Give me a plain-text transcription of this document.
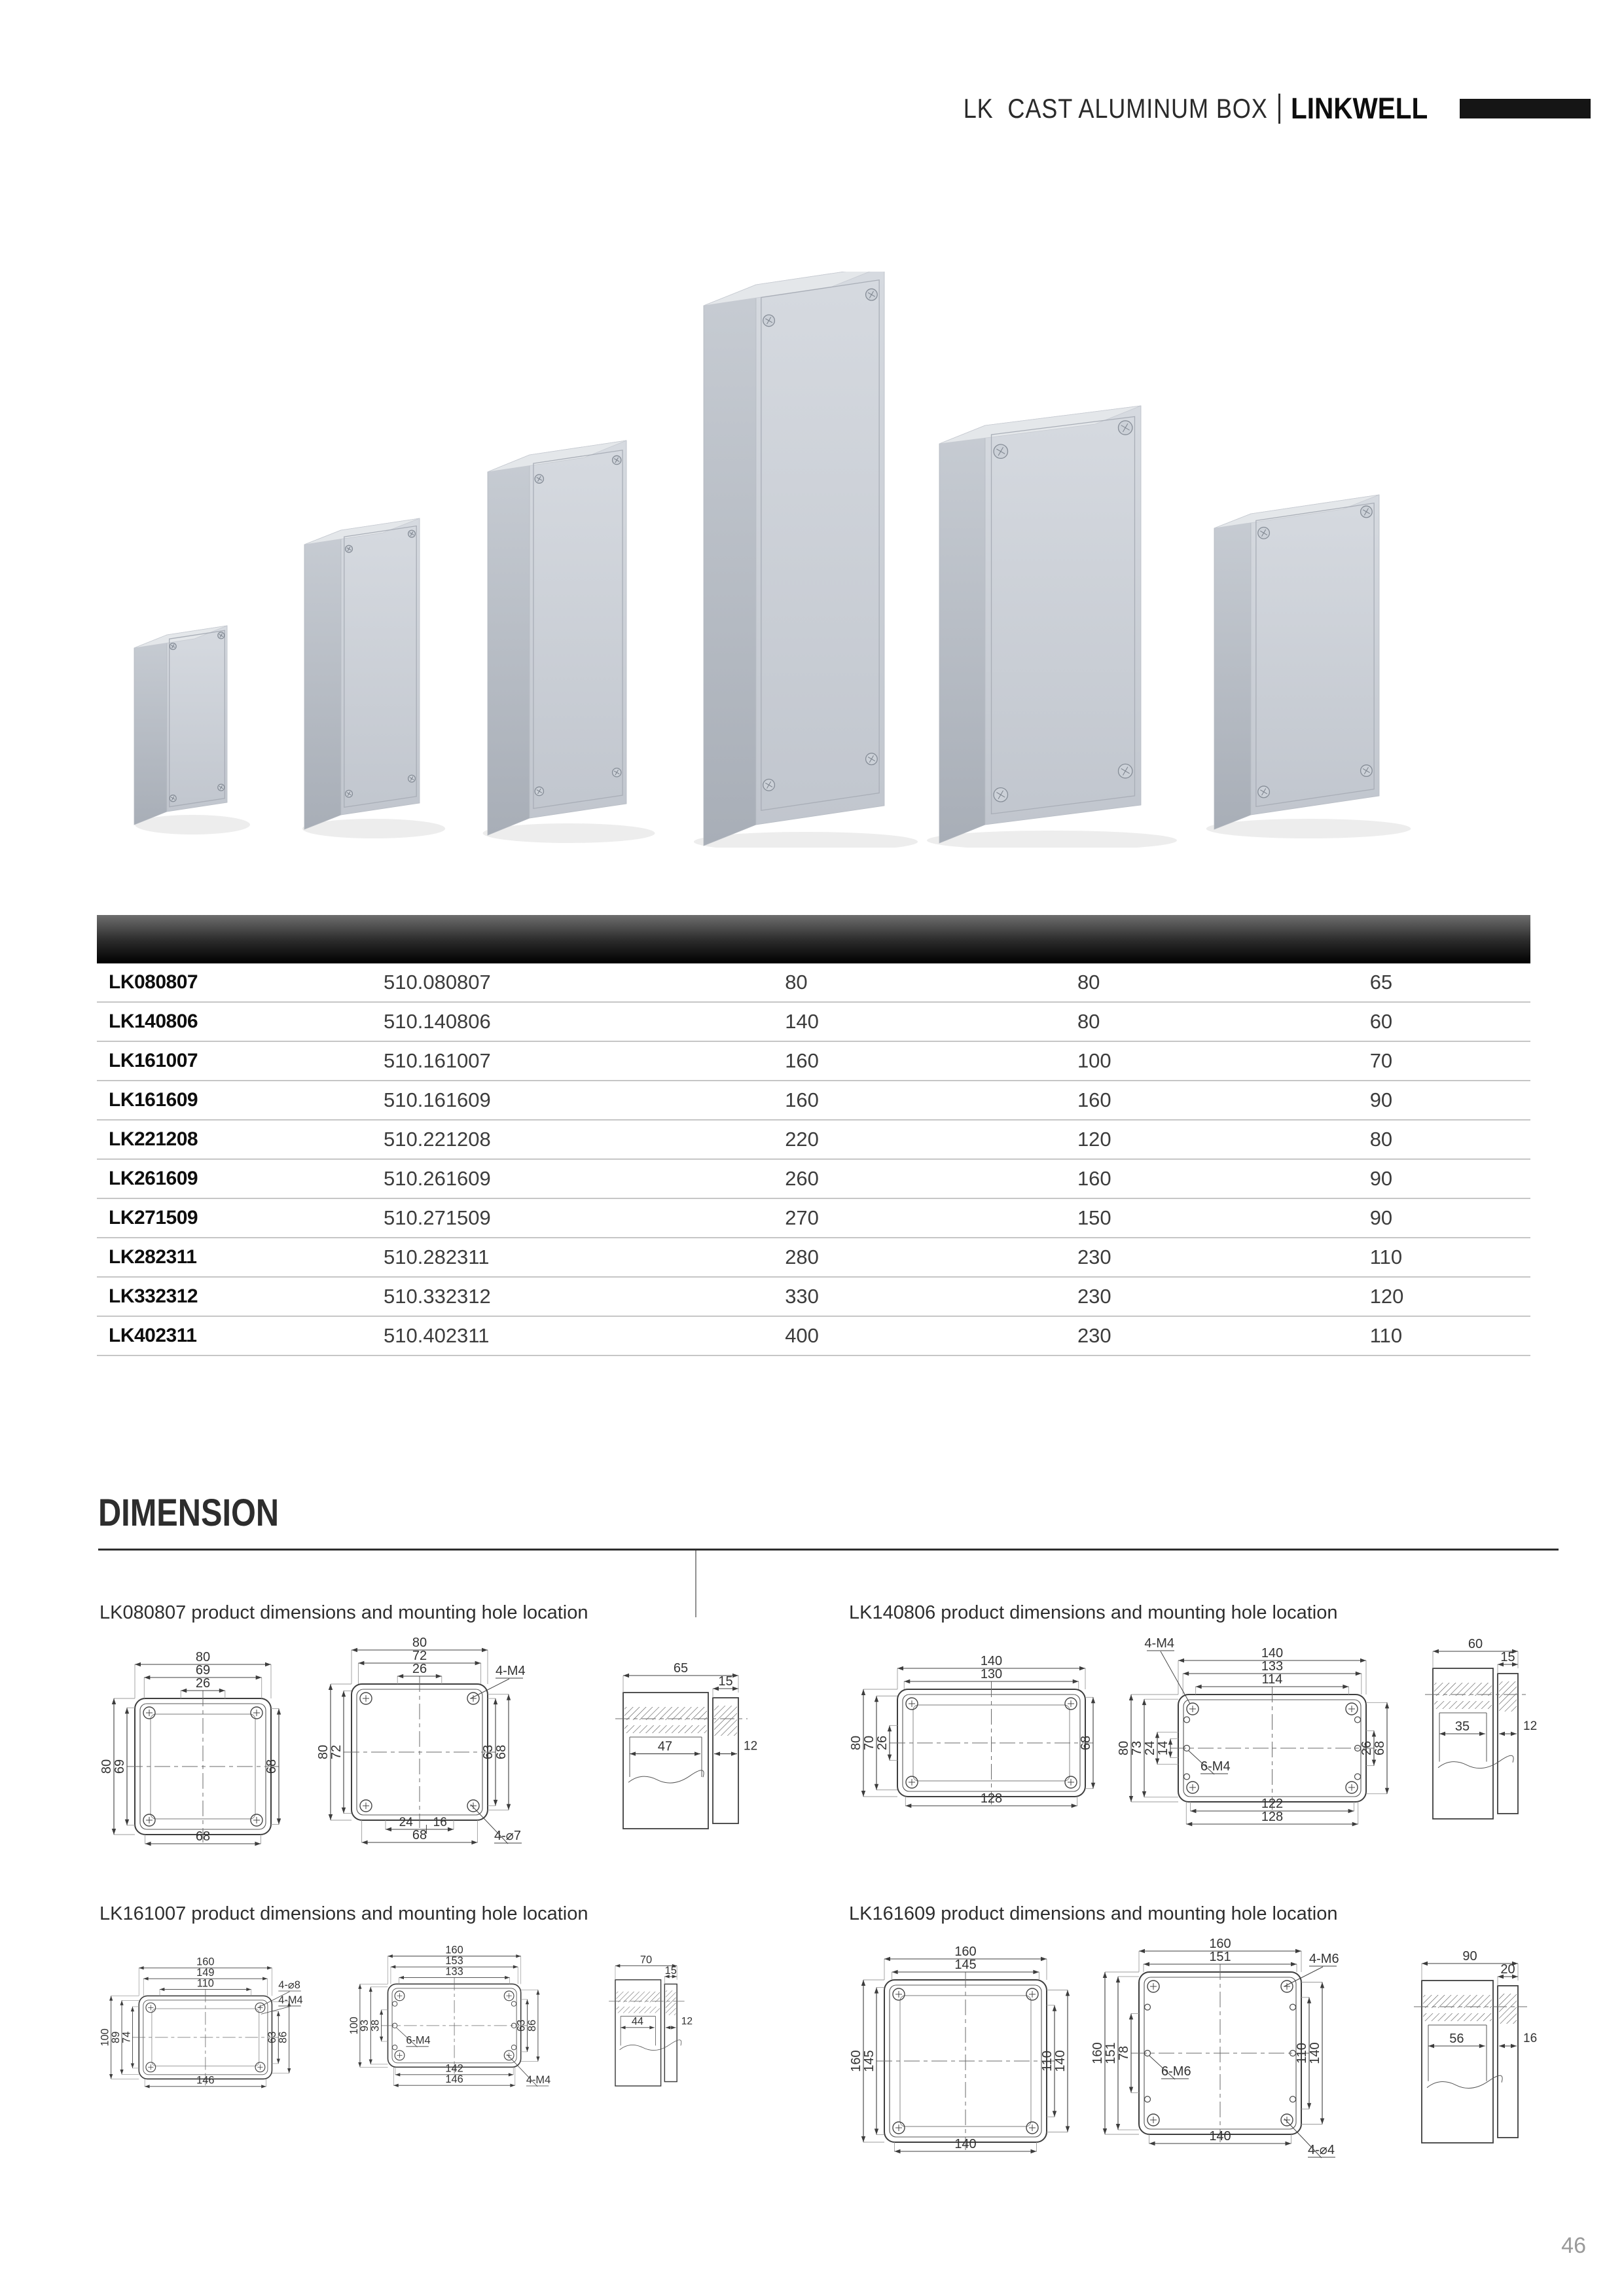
LK  CAST ALUMINUM BOX LINKWELL
LK080807	510.080807	80	80	65
LK140806	510.140806	140	80	60
LK161007	510.161007	160	100	70
LK161609	510.161609	160	160	90
LK221208	510.221208	220	120	80
LK261609	510.261609	260	160	90
LK271509	510.271509	270	150	90
LK282311	510.282311	280	230	110
LK332312	510.332312	330	230	120
LK402311	510.402311	400	230	110
DIMENSION
LK080807 product dimensions and mounting hole location
80
69
26
80
69	68
68
80
72
26
80
72	68
63
24 16
68
4-M4
4-⌀7
65
15
47	12
LK140806 product dimensions and mounting hole location
140
130
80
70
26	68
128
140
133
114
80
73
24
14	68
26
122
128
4-M4
6-M4
60
15
35	12
LK161007 product dimensions and mounting hole location
160
149
110
100
89
74	86
63
146
4-⌀8
4-M4
160
153
133
100
93
38	86
63
142
146
6-M4
4-M4
70
15
44	12
LK161609 product dimensions and mounting hole location
160
145
160
145	140
110
140
160
151
160
151
78	140
110
140
4-M6
6-M6
4-⌀4
90
20
56	16
46
